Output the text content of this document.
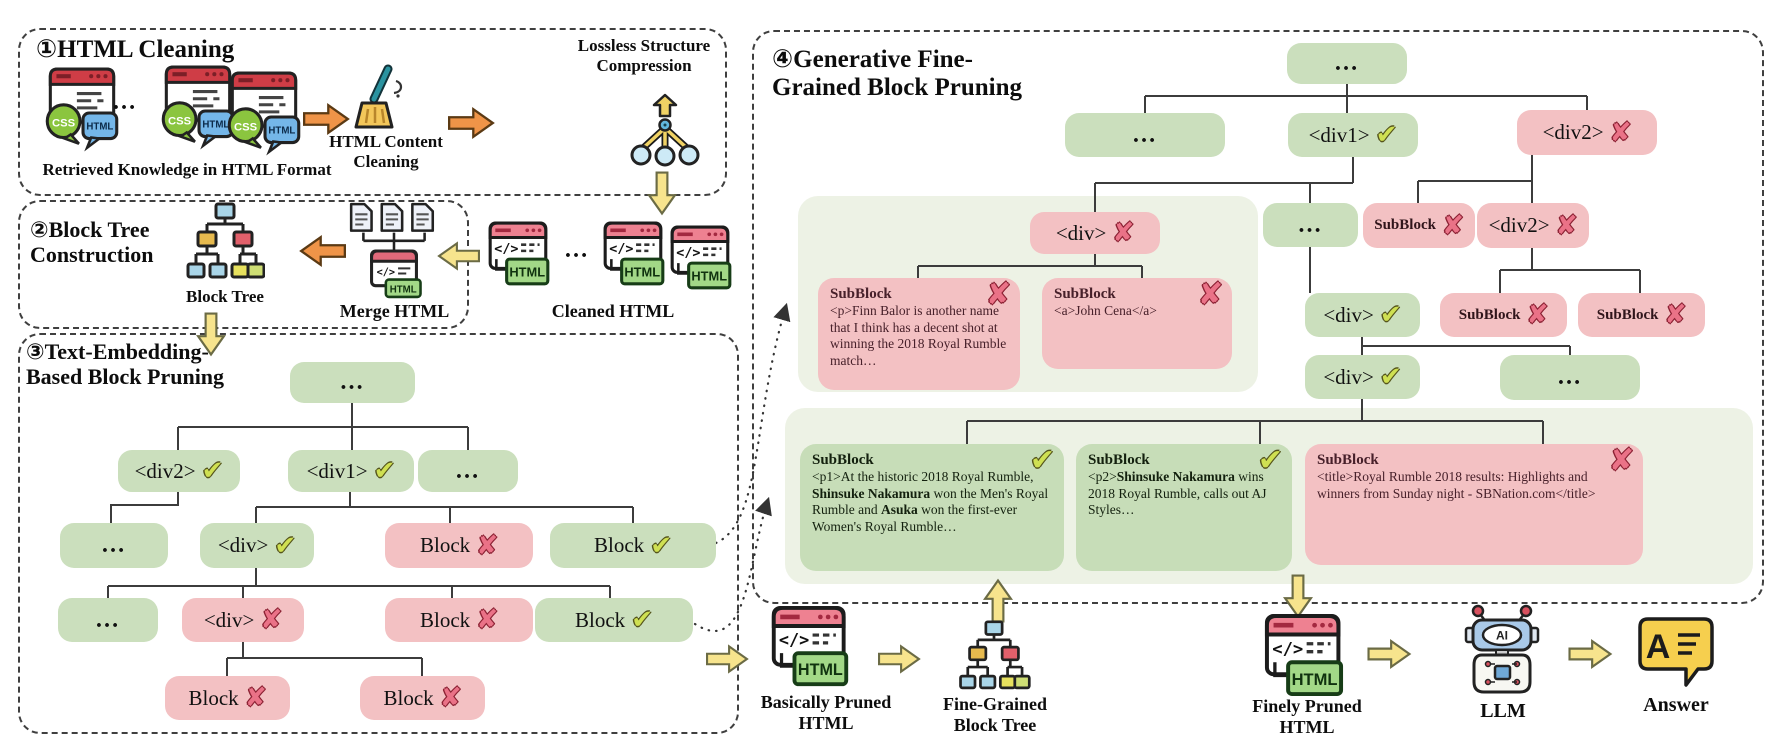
①HTML Cleaning
CSS HTML
…
CSS HTML CSS HTML
Retrieved Knowledge in HTML Format
HTML Content
Cleaning
Lossless Structure
Compression
②Block Tree
Construction
Block Tree
</>
HTML
Merge HTML
</>
HTML
…	</>
HTML
</>
HTML
Cleaned HTML
③Text-Embedding-
Based Block Pruning	…
<div2> ✔	<div1> ✔ …
…	<div> ✔	Block ✘	Block ✔
…	<div> ✘	Block ✘	Block ✔
Block ✘	Block ✘
④Generative Fine-
Grained Block Pruning
…
…	<div1> ✔	<div2> ✘
<div> ✘	…	SubBlock ✘ <div2> ✘
<div> ✔	SubBlock ✘	SubBlock ✘
<div> ✔	…
SubBlock
<p>Finn Balor is another name that I think has a decent shot at winning the 2018 Royal Rumble match…
✘	SubBlock
<a>John Cena</a> ✘
SubBlock
<p1>At the historic 2018 Royal Rumble, Shinsuke Nakamura won the Men's Royal Rumble and Asuka won the first-ever Women's Royal Rumble…
✔ SubBlock
<p2>Shinsuke Nakamura wins 2018 Royal Rumble, calls out AJ Styles…
✔ SubBlock
<title>Royal Rumble 2018 results: Highlights and winners from Sunday night - SBNation.com</title>
✘
</>
HTML
Basically Pruned
HTML
Fine-Grained
Block Tree
</>
HTML
Finely Pruned
HTML
AI
LLM
A
Answer
